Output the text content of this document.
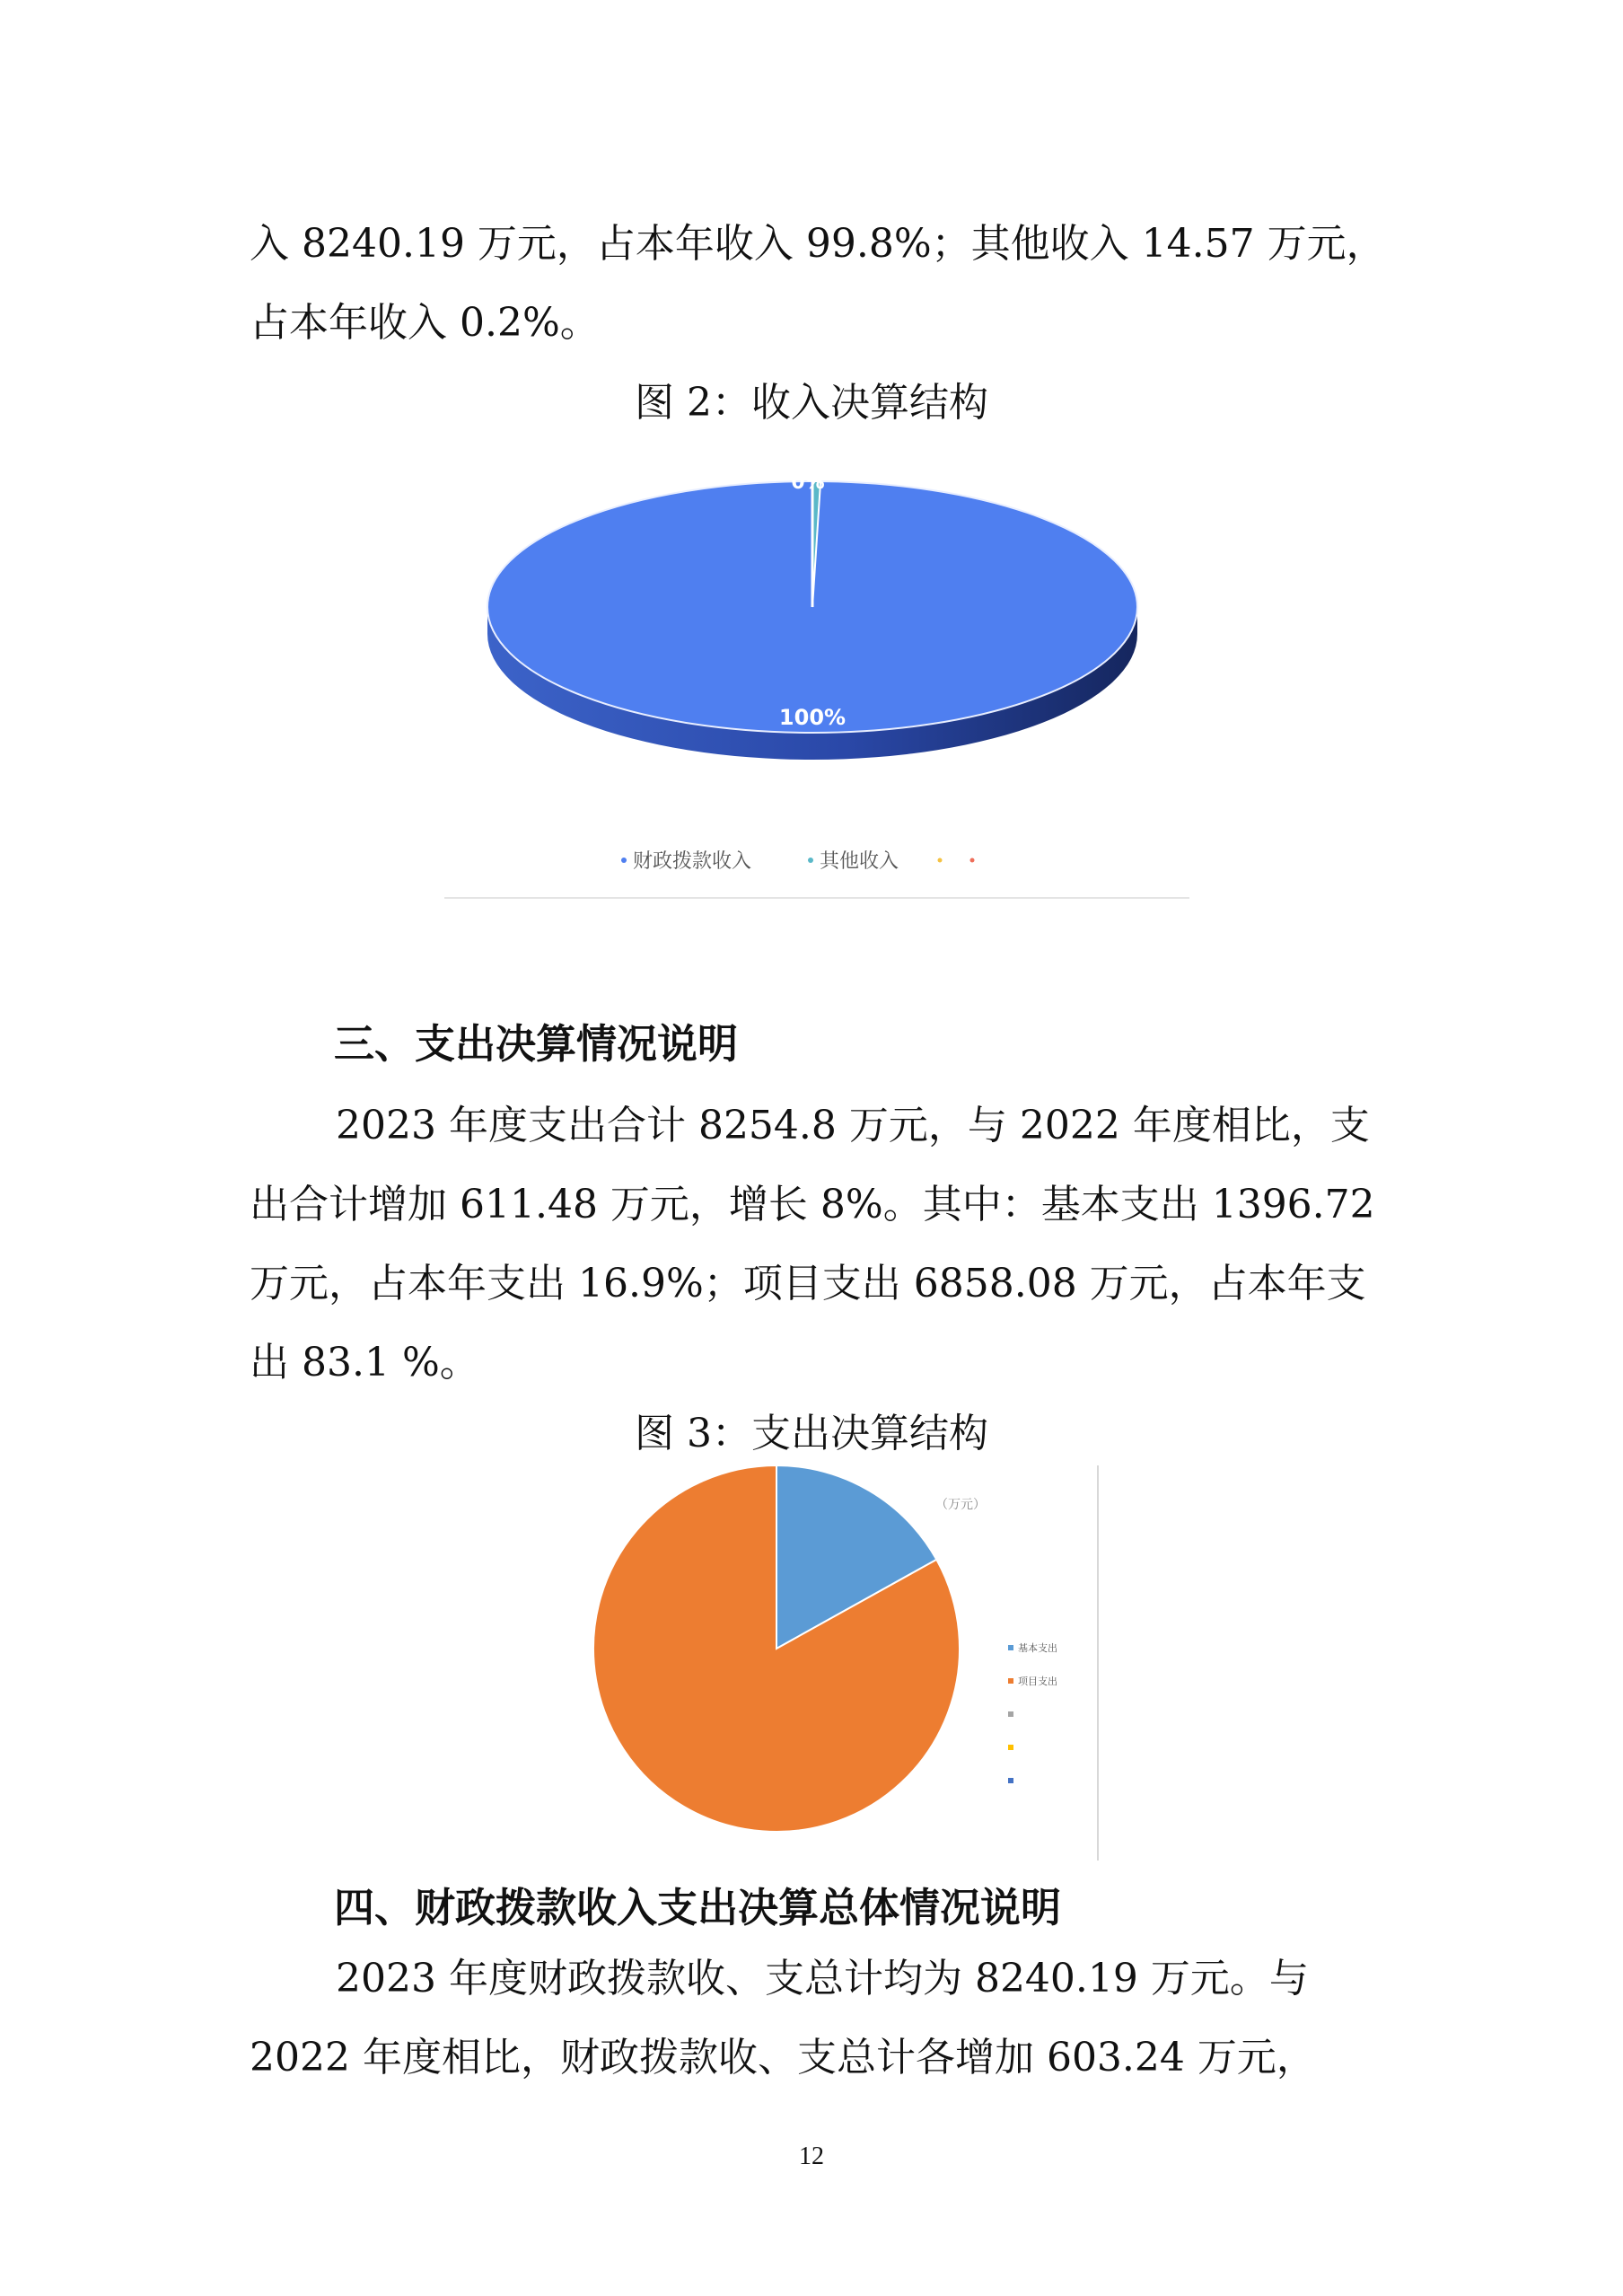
入 8240.19 万元，占本年收入 99.8%；其他收入 14.57 万元，占本年收入 0.2%。

图 2：收入决算结构

0%
100%
财政拨款收入	其他收入

三、支出决算情况说明

2023 年度支出合计 8254.8 万元，与 2022 年度相比，支出合计增加 611.48 万元，增长 8%。其中：基本支出 1396.72 万元，占本年支出 16.9%；项目支出 6858.08 万元，占本年支出 83.1 %。

图 3：支出决算结构

（万元）
基本支出
项目支出

四、财政拨款收入支出决算总体情况说明

2023 年度财政拨款收、支总计均为 8240.19 万元。与 2022 年度相比，财政拨款收、支总计各增加 603.24 万元，

12
